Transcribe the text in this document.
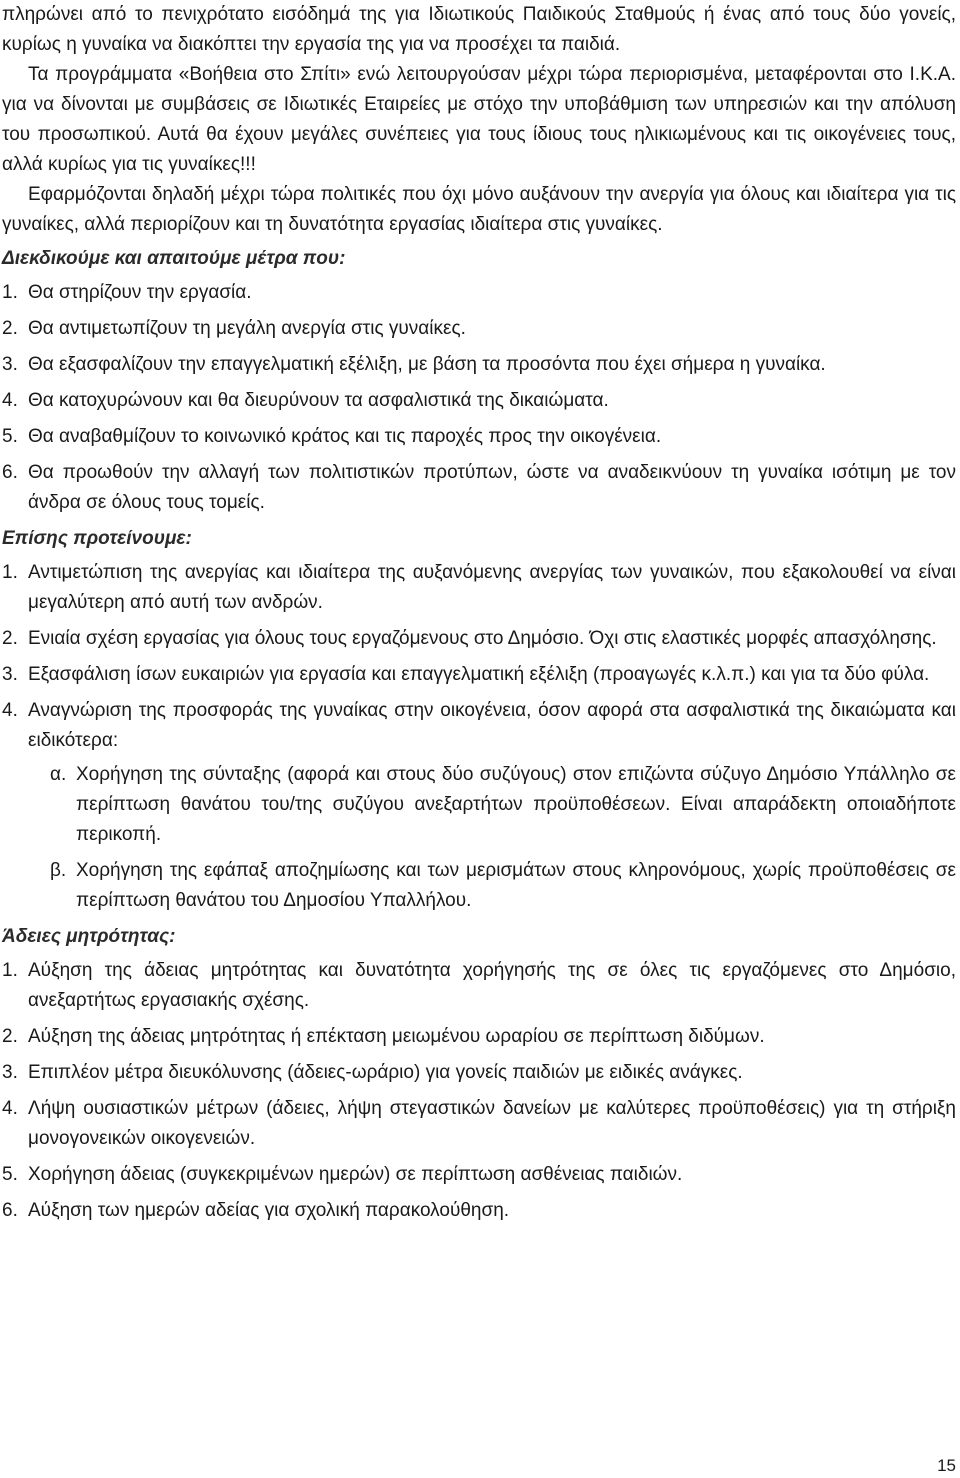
πληρώνει από το πενιχρότατο εισόδημά της για Ιδιωτικούς Παιδικούς Σταθμούς ή ένας από τους δύο γονείς, κυρίως η γυναίκα να διακόπτει την εργασία της για να προσέχει τα παιδιά.

Τα προγράμματα «Βοήθεια στο Σπίτι» ενώ λειτουργούσαν μέχρι τώρα περιορισμένα, μεταφέρονται στο Ι.Κ.Α. για να δίνονται με συμβάσεις σε Ιδιωτικές Εταιρείες με στόχο την υποβάθμιση των υπηρεσιών και την απόλυση του προσωπικού. Αυτά θα έχουν μεγάλες συνέπειες για τους ίδιους τους ηλικιωμένους και τις οικογένειες τους, αλλά κυρίως για τις γυναίκες!!!

Εφαρμόζονται δηλαδή μέχρι τώρα πολιτικές που όχι μόνο αυξάνουν την ανεργία για όλους και ιδιαίτερα για τις γυναίκες, αλλά περιορίζουν και τη δυνατότητα εργασίας ιδιαίτερα στις γυναίκες.

Διεκδικούμε και απαιτούμε μέτρα που:

1. Θα στηρίζουν την εργασία.
2. Θα αντιμετωπίζουν τη μεγάλη ανεργία στις γυναίκες.
3. Θα εξασφαλίζουν την επαγγελματική εξέλιξη, με βάση τα προσόντα που έχει σήμερα η γυναίκα.
4. Θα κατοχυρώνουν και θα διευρύνουν τα ασφαλιστικά της δικαιώματα.
5. Θα αναβαθμίζουν το κοινωνικό κράτος και τις παροχές προς την οικογένεια.
6. Θα προωθούν την αλλαγή των πολιτιστικών προτύπων, ώστε να αναδεικνύουν τη γυναίκα ισότιμη με τον άνδρα σε όλους τους τομείς.

Επίσης προτείνουμε:

1. Αντιμετώπιση της ανεργίας και ιδιαίτερα της αυξανόμενης ανεργίας των γυναικών, που εξακολουθεί να είναι μεγαλύτερη από αυτή των ανδρών.
2. Ενιαία σχέση εργασίας για όλους τους εργαζόμενους στο Δημόσιο. Όχι στις ελαστικές μορφές απασχόλησης.
3. Εξασφάλιση ίσων ευκαιριών για εργασία και επαγγελματική εξέλιξη (προαγωγές κ.λ.π.) και για τα δύο φύλα.
4. Αναγνώριση της προσφοράς της γυναίκας στην οικογένεια, όσον αφορά στα ασφαλιστικά της δικαιώματα και ειδικότερα:
α. Χορήγηση της σύνταξης (αφορά και στους δύο συζύγους) στον επιζώντα σύζυγο Δημόσιο Υπάλληλο σε περίπτωση θανάτου του/της συζύγου ανεξαρτήτων προϋποθέσεων. Είναι απαράδεκτη οποιαδήποτε περικοπή.
β. Χορήγηση της εφάπαξ αποζημίωσης και των μερισμάτων στους κληρονόμους, χωρίς προϋποθέσεις σε περίπτωση θανάτου του Δημοσίου Υπαλλήλου.

Άδειες μητρότητας:

1. Αύξηση της άδειας μητρότητας και δυνατότητα χορήγησής της σε όλες τις εργαζόμενες στο Δημόσιο, ανεξαρτήτως εργασιακής σχέσης.
2. Αύξηση της άδειας μητρότητας ή επέκταση μειωμένου ωραρίου σε περίπτωση διδύμων.
3. Επιπλέον μέτρα διευκόλυνσης (άδειες-ωράριο) για γονείς παιδιών με ειδικές ανάγκες.
4. Λήψη ουσιαστικών μέτρων (άδειες, λήψη στεγαστικών δανείων με καλύτερες προϋποθέσεις) για τη στήριξη μονογονεικών οικογενειών.
5. Χορήγηση άδειας (συγκεκριμένων ημερών) σε περίπτωση ασθένειας παιδιών.
6. Αύξηση των ημερών αδείας για σχολική παρακολούθηση.
15
